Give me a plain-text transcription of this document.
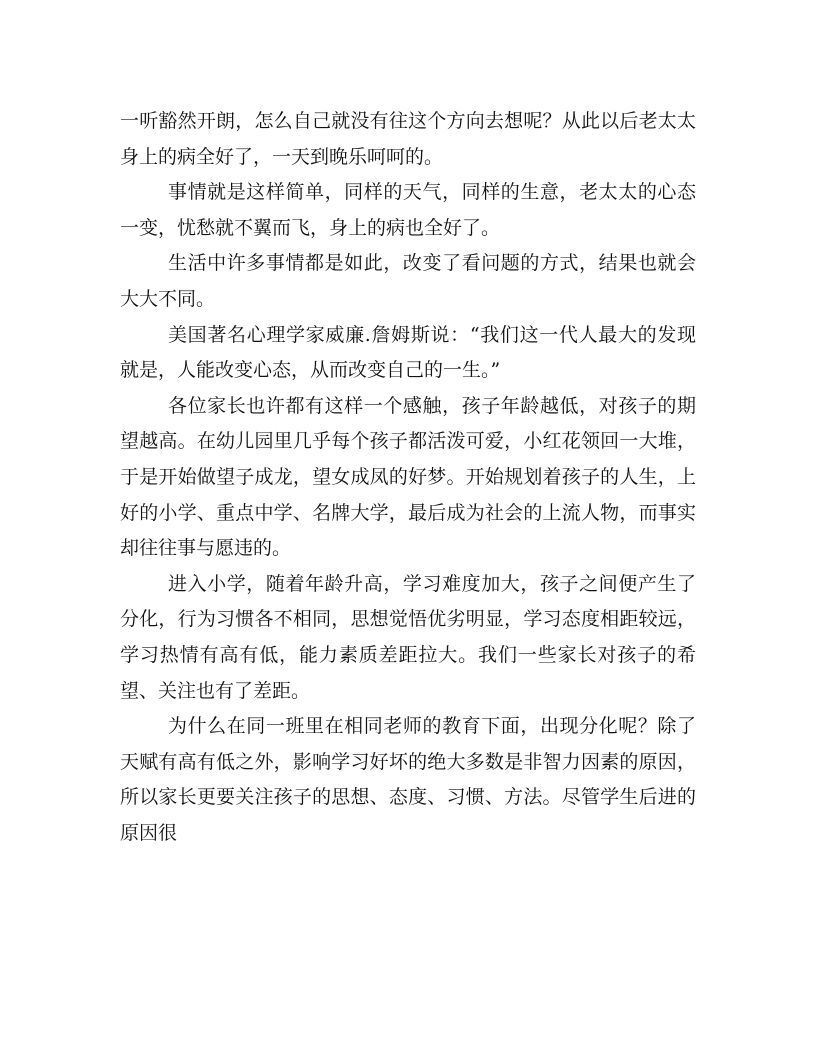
一听豁然开朗，怎么自己就没有往这个方向去想呢？从此以后老太太身上的病全好了，一天到晚乐呵呵的。

事情就是这样简单，同样的天气，同样的生意，老太太的心态一变，忧愁就不翼而飞，身上的病也全好了。

生活中许多事情都是如此，改变了看问题的方式，结果也就会大大不同。

美国著名心理学家威廉.詹姆斯说：“我们这一代人最大的发现就是，人能改变心态，从而改变自己的一生。”

各位家长也许都有这样一个感触，孩子年龄越低，对孩子的期望越高。在幼儿园里几乎每个孩子都活泼可爱，小红花领回一大堆，于是开始做望子成龙，望女成凤的好梦。开始规划着孩子的人生，上好的小学、重点中学、名牌大学，最后成为社会的上流人物，而事实却往往事与愿违的。

进入小学，随着年龄升高，学习难度加大，孩子之间便产生了分化，行为习惯各不相同，思想觉悟优劣明显，学习态度相距较远，学习热情有高有低，能力素质差距拉大。我们一些家长对孩子的希望、关注也有了差距。

为什么在同一班里在相同老师的教育下面，出现分化呢？除了天赋有高有低之外，影响学习好坏的绝大多数是非智力因素的原因，所以家长更要关注孩子的思想、态度、习惯、方法。尽管学生后进的原因很
